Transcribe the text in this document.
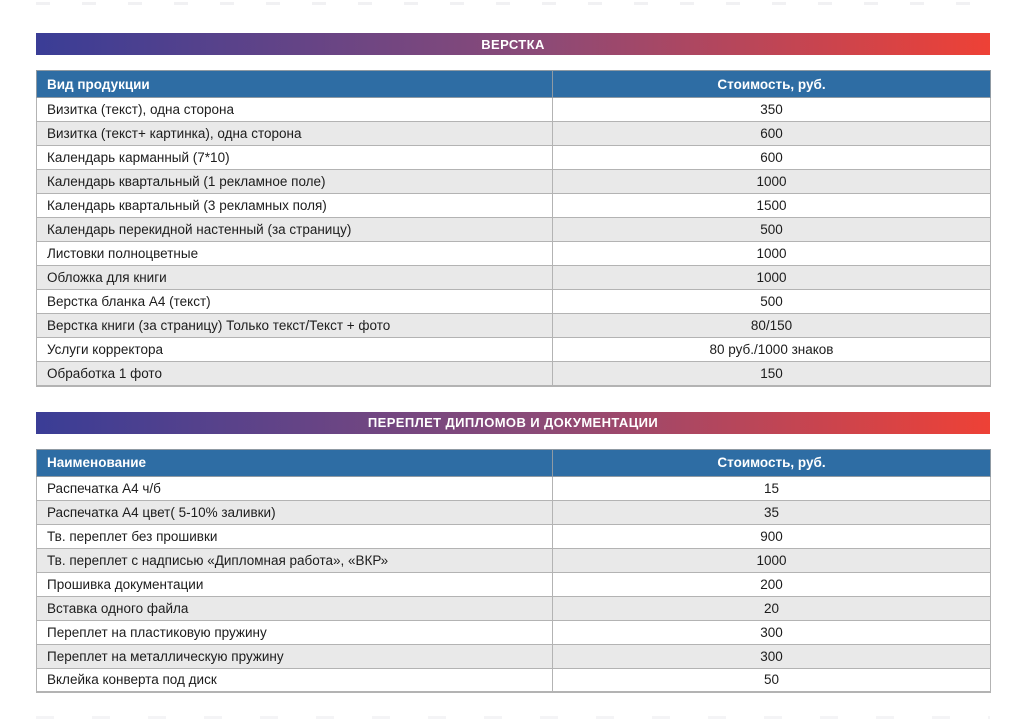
ВЕРСТКА
Вид продукции	Стоимость, руб.
Визитка (текст), одна сторона	350
Визитка (текст+ картинка), одна сторона	600
Календарь карманный (7*10)	600
Календарь квартальный (1 рекламное поле)	1000
Календарь квартальный (3 рекламных поля)	1500
Календарь перекидной настенный (за страницу)	500
Листовки полноцветные	1000
Обложка для книги	1000
Верстка бланка А4 (текст)	500
Верстка книги (за страницу) Только текст/Текст + фото	80/150
Услуги корректора	80 руб./1000 знаков
Обработка 1 фото	150
ПЕРЕПЛЕТ ДИПЛОМОВ И ДОКУМЕНТАЦИИ
Наименование	Стоимость, руб.
Распечатка А4 ч/б	15
Распечатка А4 цвет( 5-10% заливки)	35
Тв. переплет без прошивки	900
Тв. переплет с надписью «Дипломная работа», «ВКР»	1000
Прошивка документации	200
Вставка одного файла	20
Переплет на пластиковую пружину	300
Переплет на металлическую пружину	300
Вклейка конверта под диск	50
